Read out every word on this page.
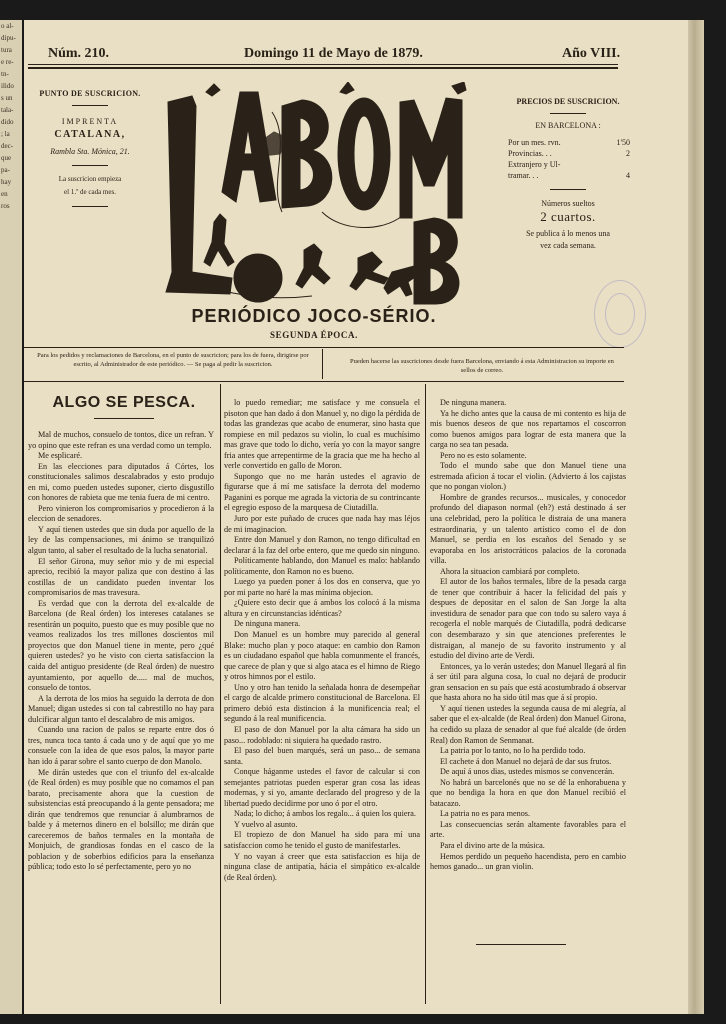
o al-
dipu-
tura
e re-
tn-
ilido
s un
tala-
dido
; la
dec-
que
pa-
hay
en
ros
Núm. 210.	Domingo 11 de Mayo de 1879.	Año VIII.

PUNTO DE SUSCRICION.

IMPRENTA

CATALANA,

Rambla Sta. Mónica, 21.

La suscricion empieza

el 1.º de cada mes.

PRECIOS DE SUSCRICION.

EN BARCELONA :

Por un mes. rvn.	1'50
Provincias. . .	2
Extranjero y Ul-
tramar. . .	4

Números sueltos

2 cuartos.

Se publica á lo menos una

vez cada semana.

PERIÓDICO JOCO-SÉRIO.
SEGUNDA ÉPOCA.
Para los pedidos y reclamaciones de Barcelona, en el punto de suscricion; para los de fuera, dirigirse por escrito, al Administrador de este periódico. — Se paga al pedir la suscricion.	Pueden hacerse las suscriciones desde fuera Barcelona, enviando á esta Administracion su importe en sellos de correo.
ALGO SE PESCA.

Mal de muchos, consuelo de tontos, dice un refran. Y yo opino que este refran es una verdad como un templo.

Me esplicaré.

En las elecciones para diputados á Córtes, los constitucionales salimos descalabrados y esto produjo en mi, como pueden ustedes suponer, cierto disgustillo con honores de rabieta que me tenia fuera de mi centro.

Pero vinieron los compromisarios y procedieron á la eleccion de senadores.

Y aquí tienen ustedes que sin duda por aquello de la ley de las compensaciones, mi ánimo se tranquilizó algun tanto, al saber el resultado de la lucha senatorial.

El señor Girona, muy señor mio y de mi especial aprecio, recibió la mayor paliza que con destino á las costillas de un candidato pueden inventar los compromisarios de mas travesura.

Es verdad que con la derrota del ex-alcalde de Barcelona (de Real órden) los intereses catalanes se resentirán un poquito, puesto que es muy posible que no veamos realizados los tres millones doscientos mil proyectos que don Manuel tiene in mente, pero ¿qué quieren ustedes? yo he visto con cierta satisfaccion la caida del antiguo presidente (de Real órden) de nuestro ayuntamiento, por aquello de..... mal de muchos, consuelo de tontos.

A la derrota de los mios ha seguido la derrota de don Manuel; digan ustedes si con tal cabrestillo no hay para dulcificar algun tanto el descalabro de mis amigos.

Cuando una racion de palos se reparte entre dos ó tres, nunca toca tanto á cada uno y de aquí que yo me consuele con la idea de que esos palos, la mayor parte han ido á parar sobre el santo cuerpo de don Manolo.

Me dirán ustedes que con el triunfo del ex-alcalde (de Real órden) es muy posible que no comamos el pan barato, precisamente ahora que la cuestion de subsistencias está preocupando á la gente pensadora; me dirán que tendremos que renunciar á alumbrarnos de balde y á meternos dinero en el bolsillo; me dirán que careceremos de baños termales en la montaña de Monjuich, de grandiosas fondas en el casco de la poblacion y de soberbios edificios para la enseñanza pública; todo esto lo sé perfectamente, pero yo no

lo puedo remediar; me satisface y me consuela el pisoton que han dado á don Manuel y, no digo la pérdida de todas las grandezas que acabo de enumerar, sino hasta que rompiese en mil pedazos su violin, lo cual es muchísimo mas grave que todo lo dicho, vería yo con la mayor sangre fria antes que arrepentirme de la gracia que me ha hecho al verle convertido en gallo de Moron.

Supongo que no me harán ustedes el agravio de figurarse que á mí me satisface la derrota del moderno Paganini es porque me agrada la victoria de su contrincante el egregio esposo de la marquesa de Ciutadilla.

Juro por este puñado de cruces que nada hay mas léjos de mi imaginacion.

Entre don Manuel y don Ramon, no tengo dificultad en declarar á la faz del orbe entero, que me quedo sin ninguno.

Políticamente hablando, don Manuel es malo: hablando políticamente, don Ramon no es bueno.

Luego ya pueden poner á los dos en conserva, que yo por mi parte no haré la mas mínima objecion.

¿Quiere esto decir que á ambos los colocó á la misma altura y en circunstancias idénticas?

De ninguna manera.

Don Manuel es un hombre muy parecido al general Blake: mucho plan y poco ataque: en cambio don Ramon es un ciudadano español que habla comunmente el francés, que carece de plan y que si algo ataca es el himno de Riego y otros himnos por el estilo.

Uno y otro han tenido la señalada honra de desempeñar el cargo de alcalde primero constitucional de Barcelona. El primero debió esta distincion á la munificencia real; el segundo á la real munificencia.

El paso de don Manuel por la alta cámara ha sido un paso... rodoblado: ni siquiera ha quedado rastro.

El paso del buen marqués, será un paso... de semana santa.

Conque háganme ustedes el favor de calcular si con semejantes patriotas pueden esperar gran cosa las ideas modernas, y si yo, amante declarado del progreso y de la libertad puedo decidirme por uno ó por el otro.

Nada; lo dicho; á ambos los regalo... á quien los quiera.

Y vuelvo al asunto.

El tropiezo de don Manuel ha sido para mí una satisfaccion como he tenido el gusto de manifestarles.

Y no vayan á creer que esta satisfaccion es hija de ninguna clase de antipatía, hácia el simpático ex-alcalde (de Real órden).

De ninguna manera.

Ya he dicho antes que la causa de mi contento es hija de mis buenos deseos de que nos repartamos el coscorron como buenos amigos para lograr de esta manera que la carga no sea tan pesada.

Pero no es esto solamente.

Todo el mundo sabe que don Manuel tiene una estremada aficion á tocar el violin. (Advierto á los cajistas que no pongan violon.)

Hombre de grandes recursos... musicales, y conocedor profundo del diapason normal (eh?) está destinado á ser una celebridad, pero la política le distraia de una manera estraordinaria, y un talento artístico como el de don Manuel, se perdia en los escaños del Senado y se evaporaba en los aristocráticos palacios de la coronada villa.

Ahora la situacion cambiará por completo.

El autor de los baños termales, libre de la pesada carga de tener que contribuir á hacer la felicidad del país y despues de depositar en el salon de San Jorge la alta investidura de senador para que con todo su salero vaya á recogerla el noble marqués de Ciutadilla, podrá dedicarse con desembarazo y sin que atenciones preferentes le distraigan, al manejo de su favorito instrumento y al estudio del divino arte de Verdi.

Entonces, ya lo verán ustedes; don Manuel llegará al fin á ser útil para alguna cosa, lo cual no dejará de producir gran sensacion en su país que está acostumbrado á observar que hasta ahora no ha sido útil mas que á sí propio.

Y aquí tienen ustedes la segunda causa de mi alegría, al saber que el ex-alcalde (de Real órden) don Manuel Girona, ha cedido su plaza de senador al que fué alcalde (de órden Real) don Ramon de Senmanat.

La patria por lo tanto, no lo ha perdido todo.

El cachete á don Manuel no dejará de dar sus frutos.

De aquí á unos dias, ustedes mismos se convencerán.

No habrá un barcelonés que no se dé la enhorabuena y que no bendiga la hora en que don Manuel recibió el batacazo.

La patria no es para menos.

Las consecuencias serán altamente favorables para el arte.

Para el divino arte de la música.

Hemos perdido un pequeño hacendista, pero en cambio hemos ganado... un gran violin.
